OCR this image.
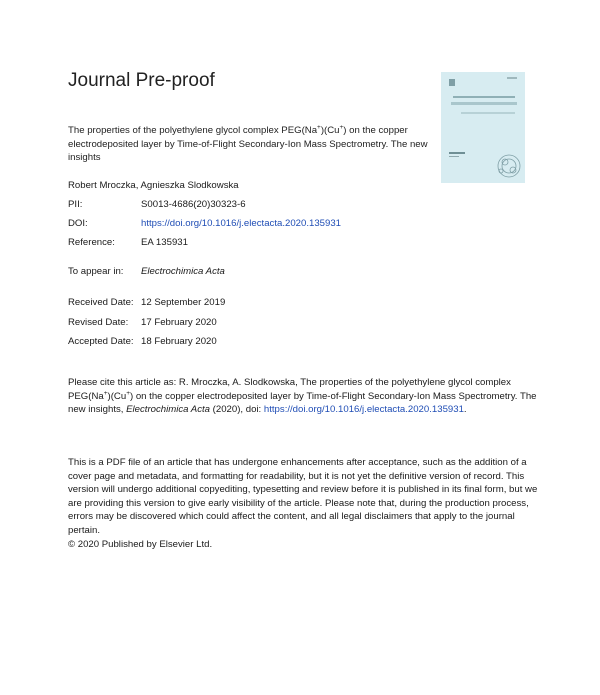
Journal Pre-proof
The properties of the polyethylene glycol complex PEG(Na+)(Cu+) on the copper electrodeposited layer by Time-of-Flight Secondary-Ion Mass Spectrometry. The new insights
Robert Mroczka, Agnieszka Slodkowska
PII:	S0013-4686(20)30323-6
DOI:	https://doi.org/10.1016/j.electacta.2020.135931
Reference:	EA 135931
To appear in: Electrochimica Acta
Received Date: 12 September 2019
Revised Date: 17 February 2020
Accepted Date: 18 February 2020
Please cite this article as: R. Mroczka, A. Slodkowska, The properties of the polyethylene glycol complex PEG(Na+)(Cu+) on the copper electrodeposited layer by Time-of-Flight Secondary-Ion Mass Spectrometry. The new insights, Electrochimica Acta (2020), doi: https://doi.org/10.1016/j.electacta.2020.135931.
This is a PDF file of an article that has undergone enhancements after acceptance, such as the addition of a cover page and metadata, and formatting for readability, but it is not yet the definitive version of record. This version will undergo additional copyediting, typesetting and review before it is published in its final form, but we are providing this version to give early visibility of the article. Please note that, during the production process, errors may be discovered which could affect the content, and all legal disclaimers that apply to the journal pertain.
© 2020 Published by Elsevier Ltd.
